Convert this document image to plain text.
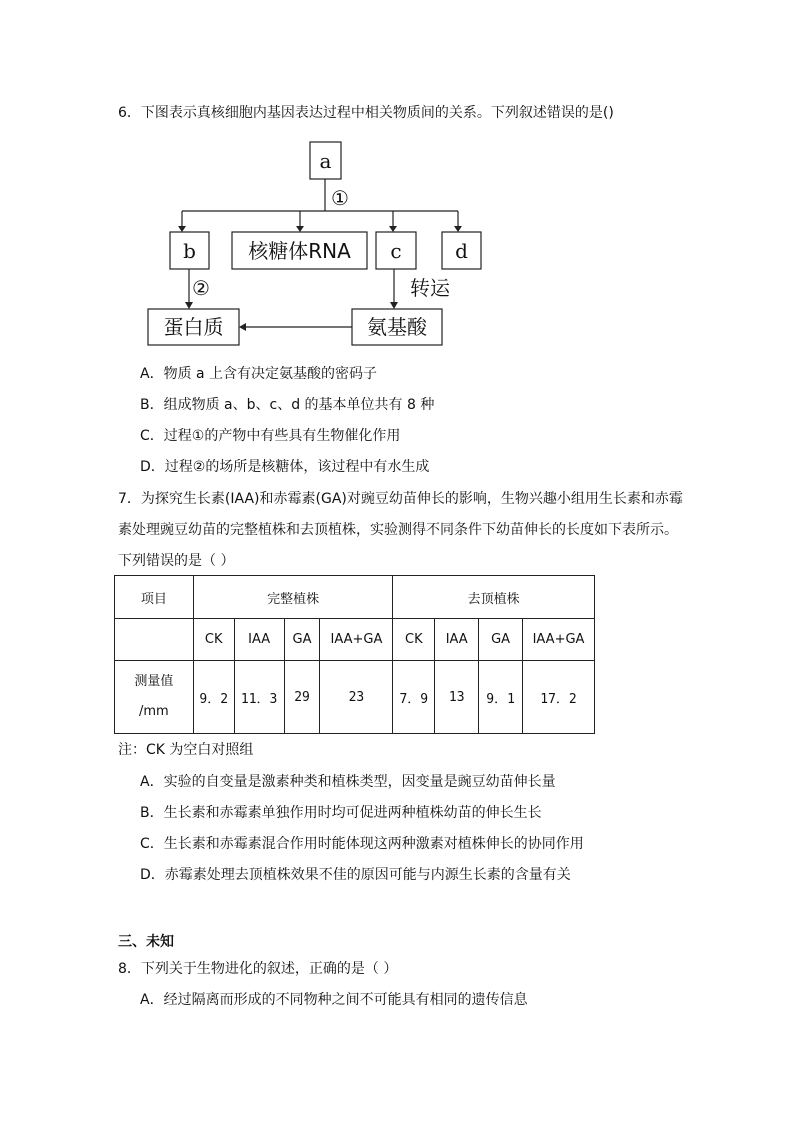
6．下图表示真核细胞内基因表达过程中相关物质间的关系。下列叙述错误的是()
a
b	核糖体RNA c	d
蛋白质	氨基酸
①
②	转运
A．物质 a 上含有决定氨基酸的密码子
B．组成物质 a、b、c、d 的基本单位共有 8 种
C．过程①的产物中有些具有生物催化作用
D．过程②的场所是核糖体，该过程中有水生成
7．为探究生长素(IAA)和赤霉素(GA)对豌豆幼苗伸长的影响，生物兴趣小组用生长素和赤霉
素处理豌豆幼苗的完整植株和去顶植株，实验测得不同条件下幼苗伸长的长度如下表所示。
下列错误的是（ ）
项目	完整植株				去顶植株			
	CK	IAA	GA	IAA+GA	CK	IAA	GA	IAA+GA

测量值
/mm	9．2	11．3	29	23	7．9	13	9．1	17．2
注：CK 为空白对照组
A．实验的自变量是激素种类和植株类型，因变量是豌豆幼苗伸长量
B．生长素和赤霉素单独作用时均可促进两种植株幼苗的伸长生长
C．生长素和赤霉素混合作用时能体现这两种激素对植株伸长的协同作用
D．赤霉素处理去顶植株效果不佳的原因可能与内源生长素的含量有关
三、未知
8．下列关于生物进化的叙述，正确的是（ ）
A．经过隔离而形成的不同物种之间不可能具有相同的遗传信息
